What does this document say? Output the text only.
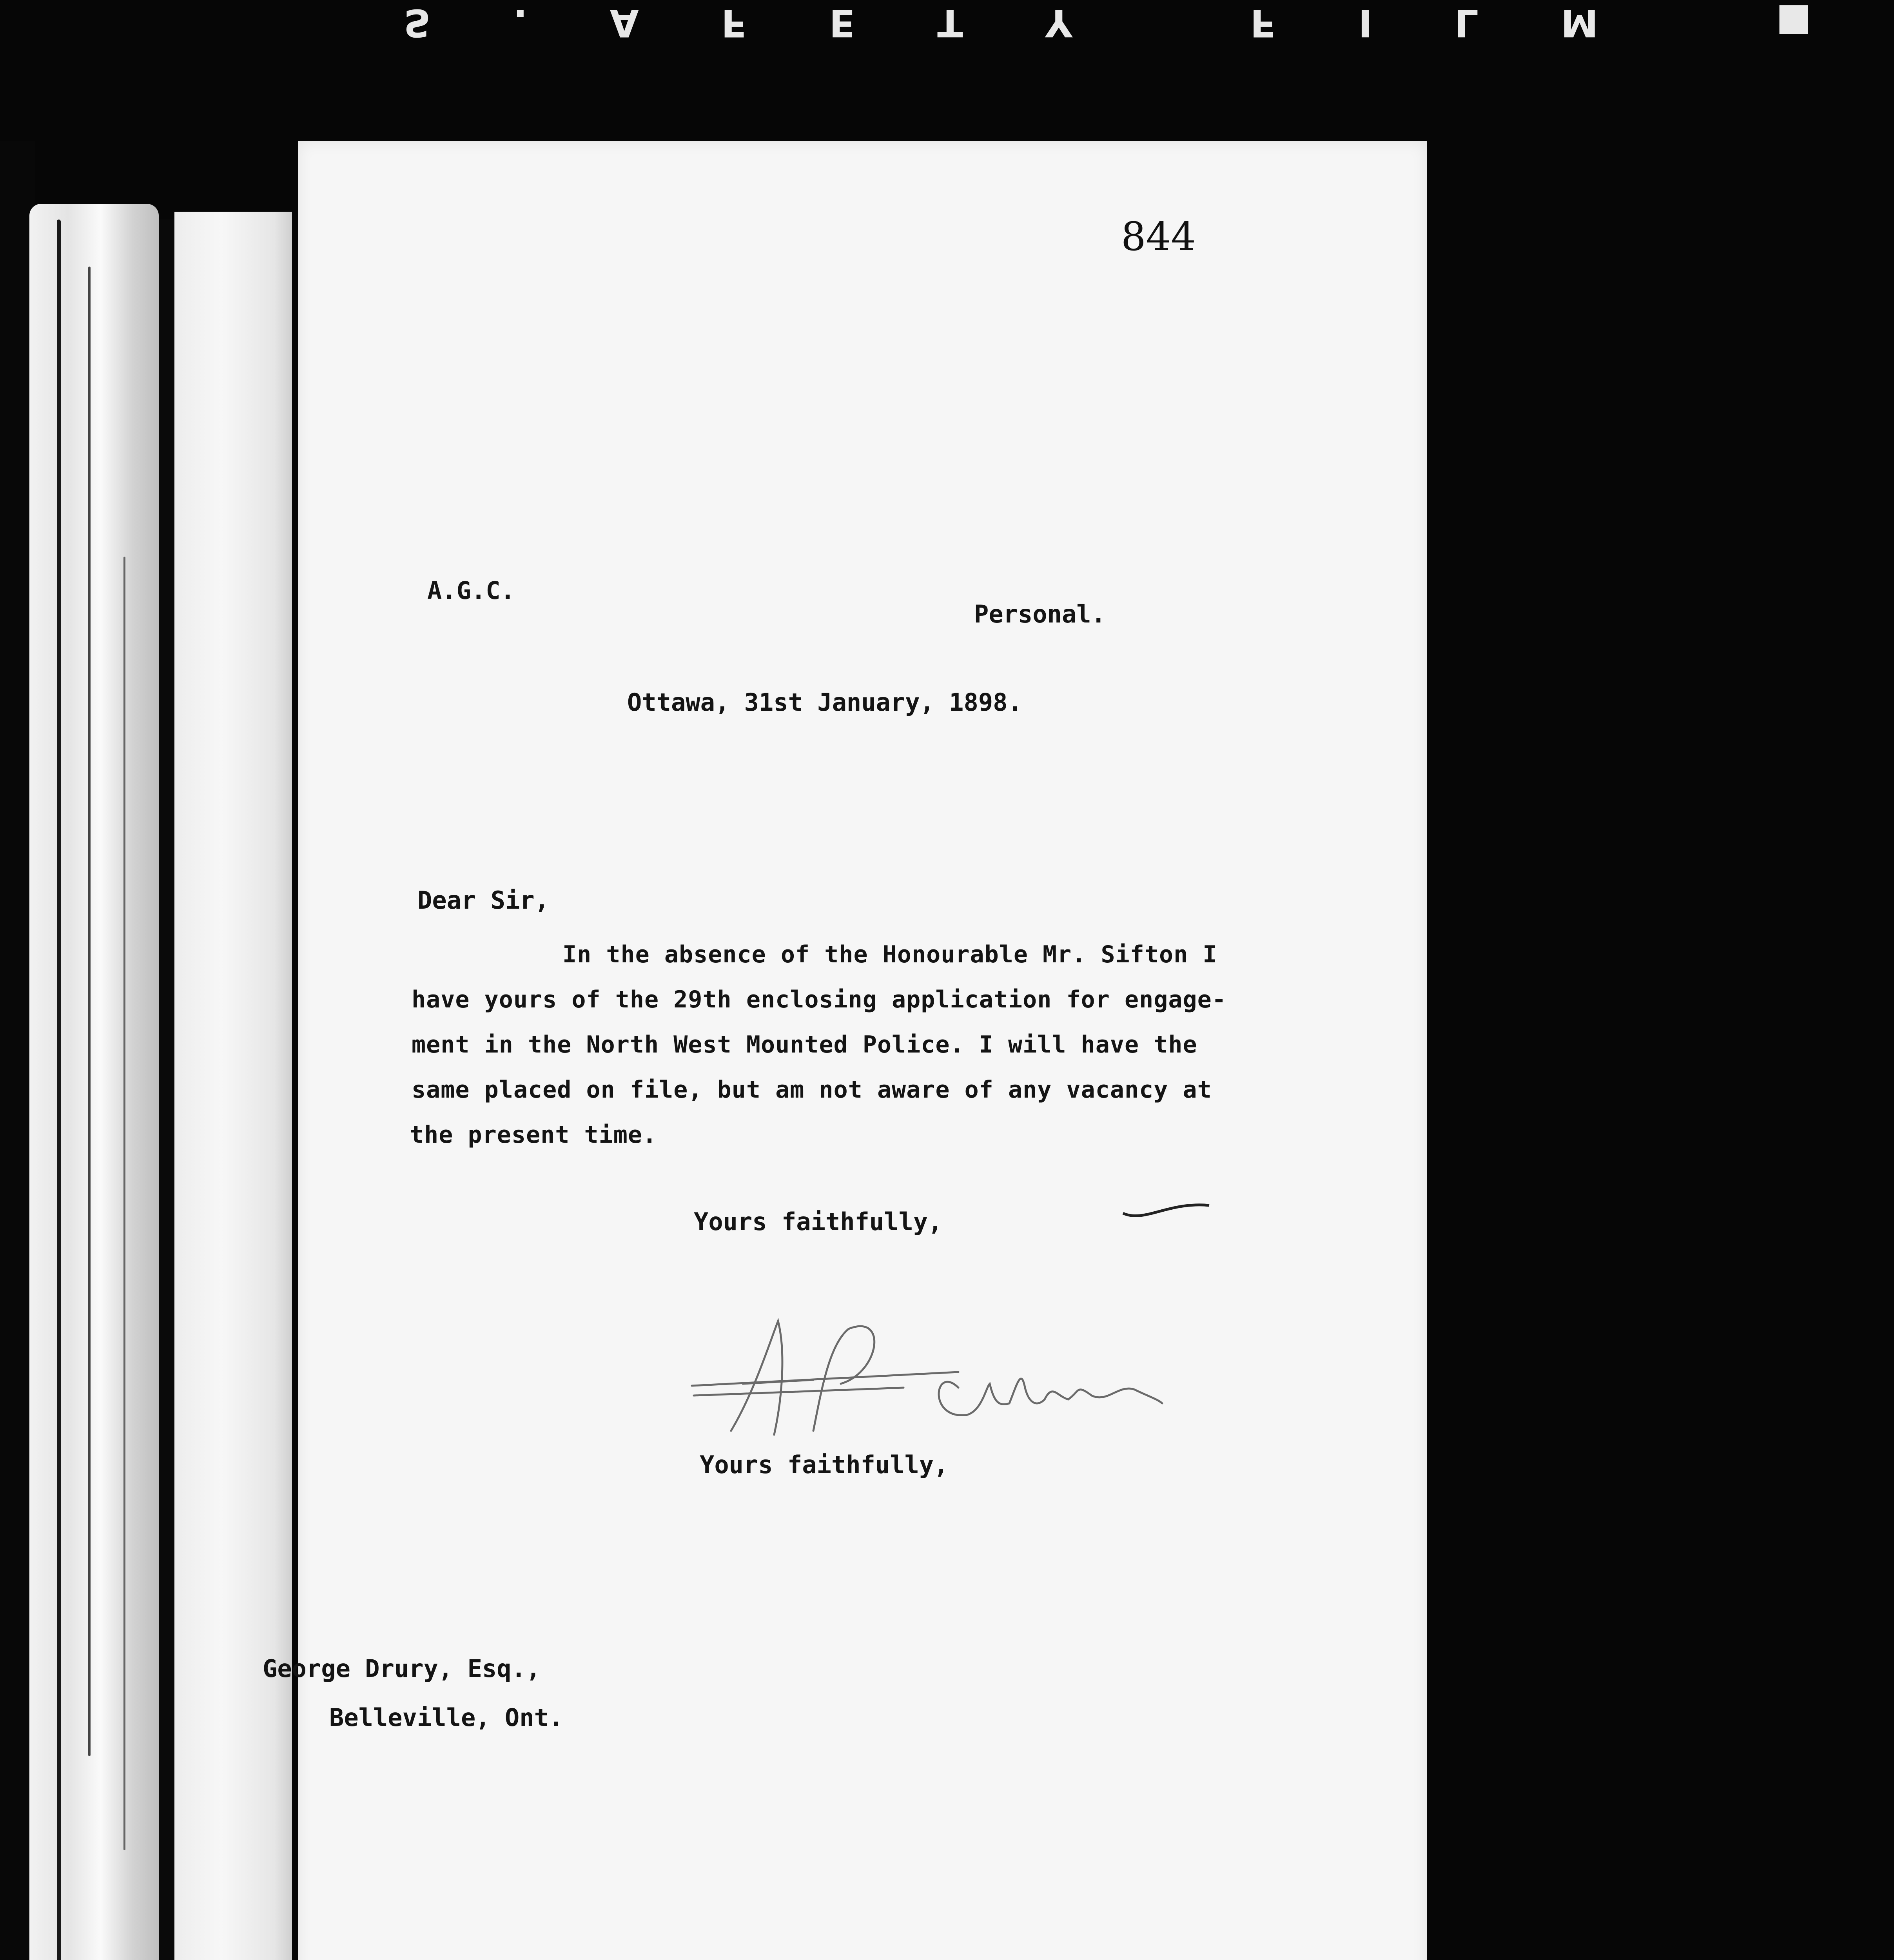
S.AFETY FILM ■
844
A.G.C.
Personal.
Ottawa, 31st January, 1898.
Dear Sir,
In the absence of the Honourable Mr. Sifton I
have yours of the 29th enclosing application for engage-
ment in the North West Mounted Police. I will have the
same placed on file, but am not aware of any vacancy at
the present time.
Yours faithfully,
Yours faithfully,
George Drury, Esq.,
Belleville, Ont.
